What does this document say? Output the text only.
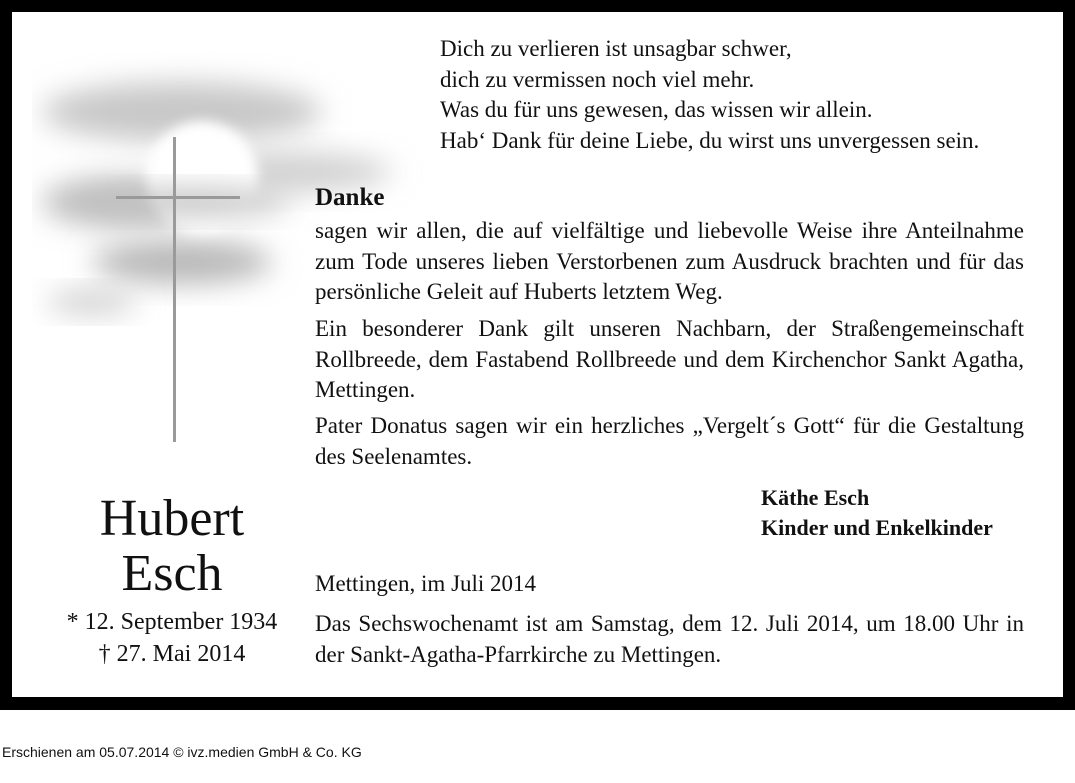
Hubert
Esch
* 12. September 1934
† 27. Mai 2014
Dich zu verlieren ist unsagbar schwer,
dich zu vermissen noch viel mehr.
Was du für uns gewesen, das wissen wir allein.
Hab‘ Dank für deine Liebe, du wirst uns unvergessen sein.
Danke
sagen wir allen, die auf vielfältige und liebevolle Weise ihre Anteilnahme zum Tode unseres lieben Verstorbenen zum Ausdruck brachten und für das persönliche Geleit auf Huberts letztem Weg.
Ein besonderer Dank gilt unseren Nachbarn, der Straßengemeinschaft Rollbreede, dem Fastabend Rollbreede und dem Kirchenchor Sankt Agatha, Mettingen.
Pater Donatus sagen wir ein herzliches „Vergelt´s Gott“ für die Gestaltung des Seelenamtes.
Käthe Esch
Kinder und Enkelkinder
Mettingen, im Juli 2014
Das Sechswochenamt ist am Samstag, dem 12. Juli 2014, um 18.00 Uhr in der Sankt-Agatha-Pfarrkirche zu Mettingen.
Erschienen am 05.07.2014 © ivz.medien GmbH & Co. KG
